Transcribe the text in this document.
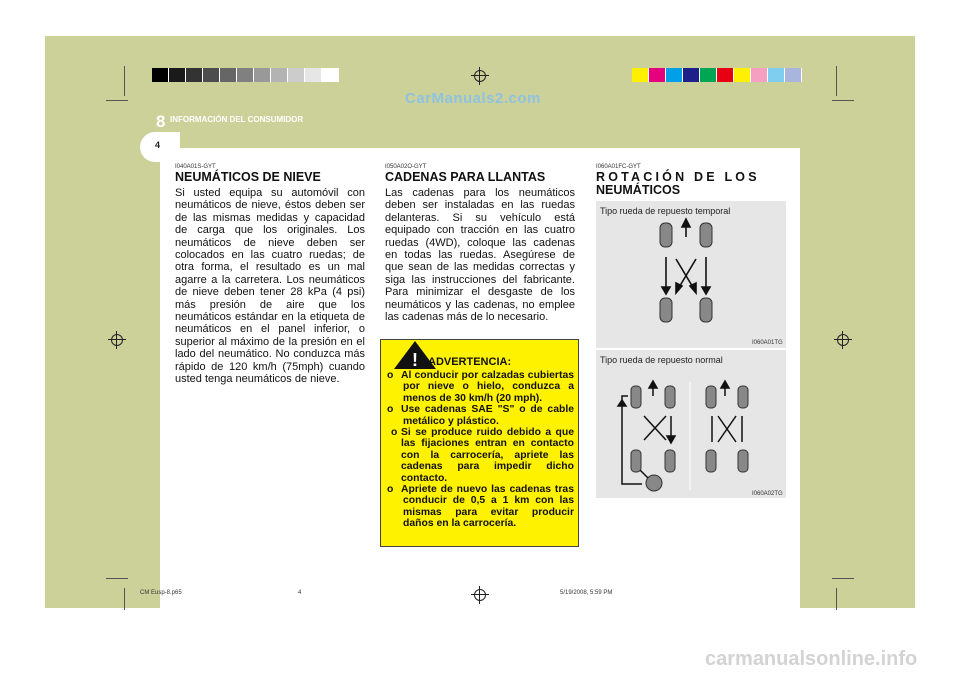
CarManuals2.com
carmanualsonline.info
8 INFORMACIÓN DEL CONSUMIDOR
4
I040A01S-GYT
NEUMÁTICOS DE NIEVE
Si usted equipa su automóvil con neumáticos de nieve, éstos deben ser de las mismas medidas y capacidad de carga que los originales. Los neumáticos de nieve deben ser colocados en las cuatro ruedas; de otra forma, el resultado es un mal agarre a la carretera. Los neumáticos de nieve deben tener 28 kPa (4 psi) más presión de aire que los neumáticos estándar en la etiqueta de neumáticos en el panel inferior, o superior al máximo de la presión en el lado del neumático. No conduzca más rápido de 120 km/h (75mph) cuando usted tenga neumáticos de nieve.
I050A02O-GYT
CADENAS PARA LLANTAS
Las cadenas para los neumáticos deben ser instaladas en las ruedas delanteras. Si su vehículo está equipado con tracción en las cuatro ruedas (4WD), coloque las cadenas en todas las ruedas. Asegúrese de que sean de las medidas correctas y siga las instrucciones del fabricante. Para minimizar el desgaste de los neumáticos y las cadenas, no emplee las cadenas más de lo necesario.
! ADVERTENCIA:
o Al conducir por calzadas cubiertas por nieve o hielo, conduzca a menos de 30 km/h (20 mph).
o Use cadenas SAE "S" o de cable metálico y plástico.
o Si se produce ruido debido a que las fijaciones entran en contacto con la carrocería, apriete las cadenas para impedir dicho contacto.
o Apriete de nuevo las cadenas tras conducir de 0,5 a 1 km con las mismas para evitar producir daños en la carrocería.
I060A01FC-GYT
ROTACIÓN DE LOS
NEUMÁTICOS
Tipo rueda de repuesto temporal
I060A01TG
Tipo rueda de repuesto normal
I060A02TG
CM Eusp-8.p65	4	5/19/2008, 5:59 PM
